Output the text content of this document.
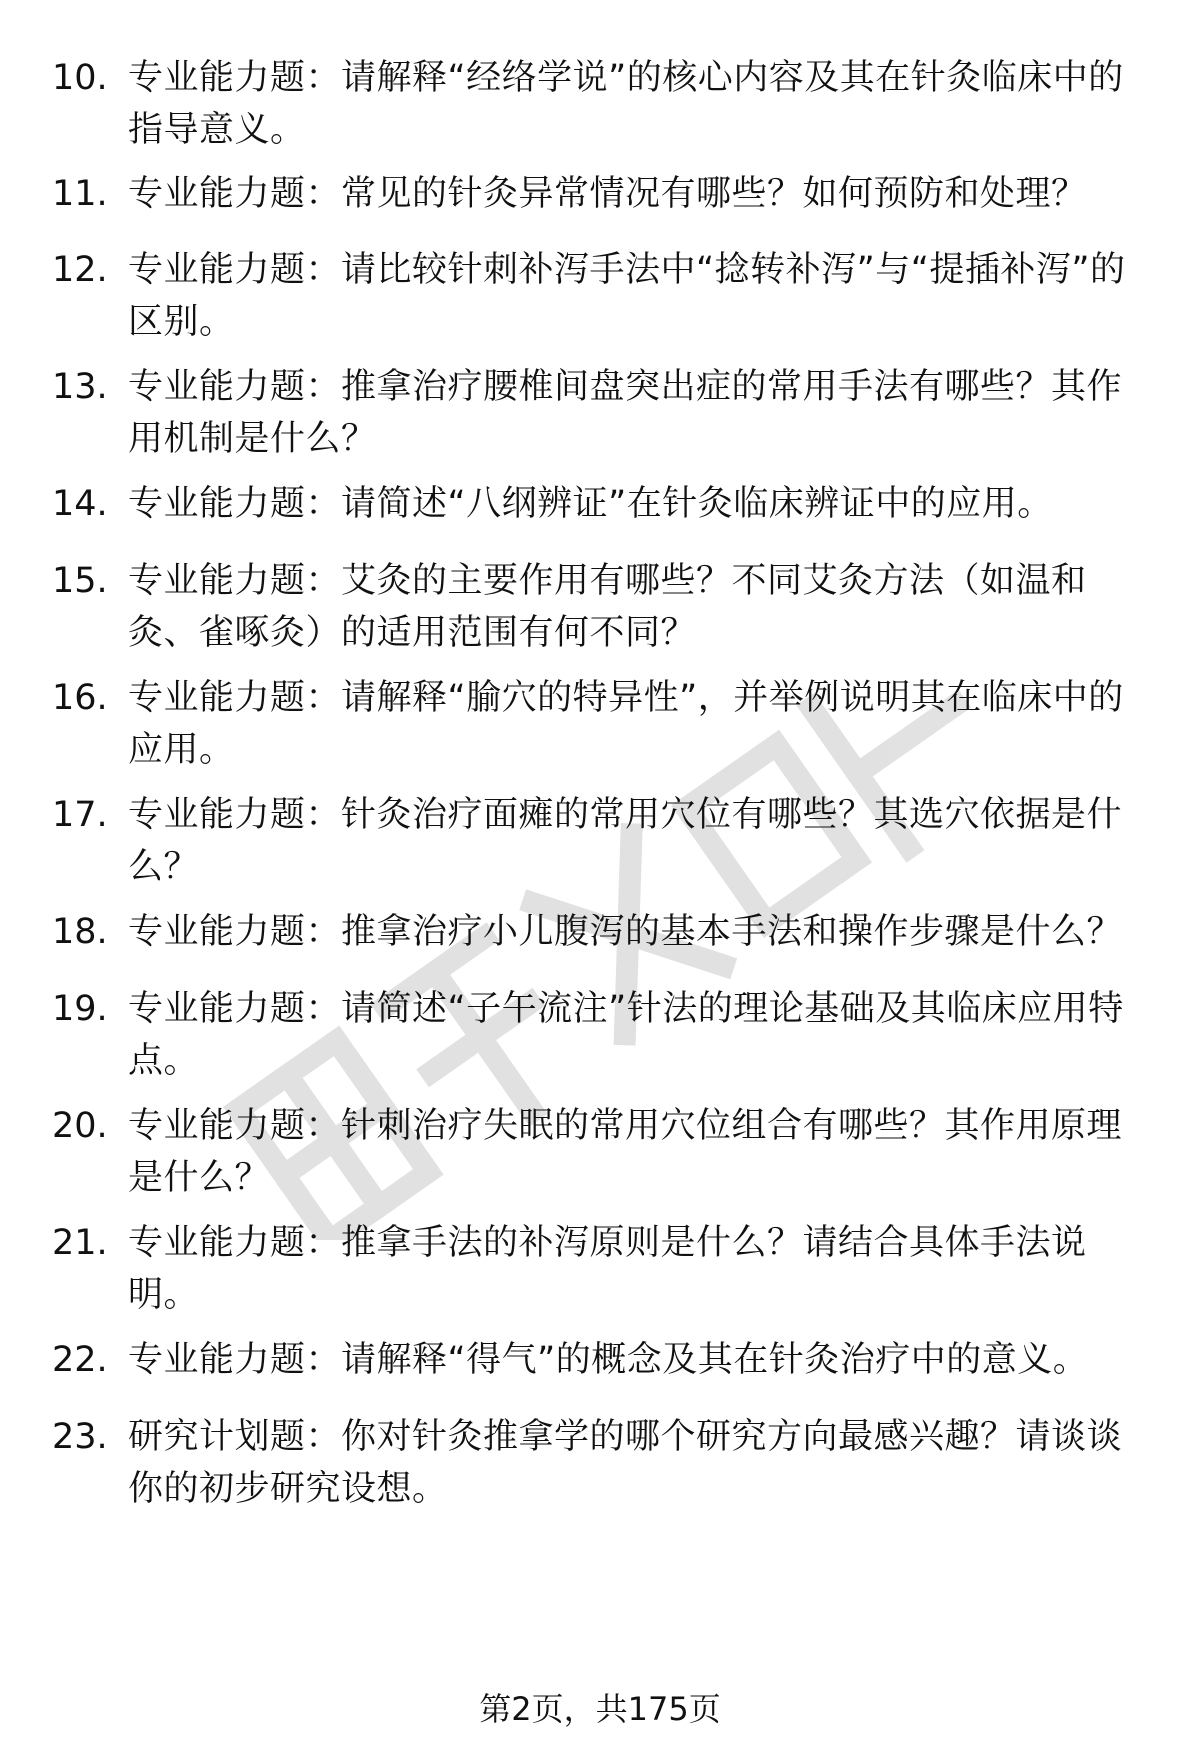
10. 专业能力题：请解释“经络学说”的核心内容及其在针灸临床中的指导意义。
11. 专业能力题：常见的针灸异常情况有哪些？如何预防和处理？
12. 专业能力题：请比较针刺补泻手法中“捻转补泻”与“提插补泻”的区别。
13. 专业能力题：推拿治疗腰椎间盘突出症的常用手法有哪些？其作用机制是什么？
14. 专业能力题：请简述“八纲辨证”在针灸临床辨证中的应用。
15. 专业能力题：艾灸的主要作用有哪些？不同艾灸方法（如温和灸、雀啄灸）的适用范围有何不同？
16. 专业能力题：请解释“腧穴的特异性”，并举例说明其在临床中的应用。
17. 专业能力题：针灸治疗面瘫的常用穴位有哪些？其选穴依据是什么？
18. 专业能力题：推拿治疗小儿腹泻的基本手法和操作步骤是什么？
19. 专业能力题：请简述“子午流注”针法的理论基础及其临床应用特点。
20. 专业能力题：针刺治疗失眠的常用穴位组合有哪些？其作用原理是什么？
21. 专业能力题：推拿手法的补泻原则是什么？请结合具体手法说明。
22. 专业能力题：请解释“得气”的概念及其在针灸治疗中的意义。
23. 研究计划题：你对针灸推拿学的哪个研究方向最感兴趣？请谈谈你的初步研究设想。
第2页，共175页
